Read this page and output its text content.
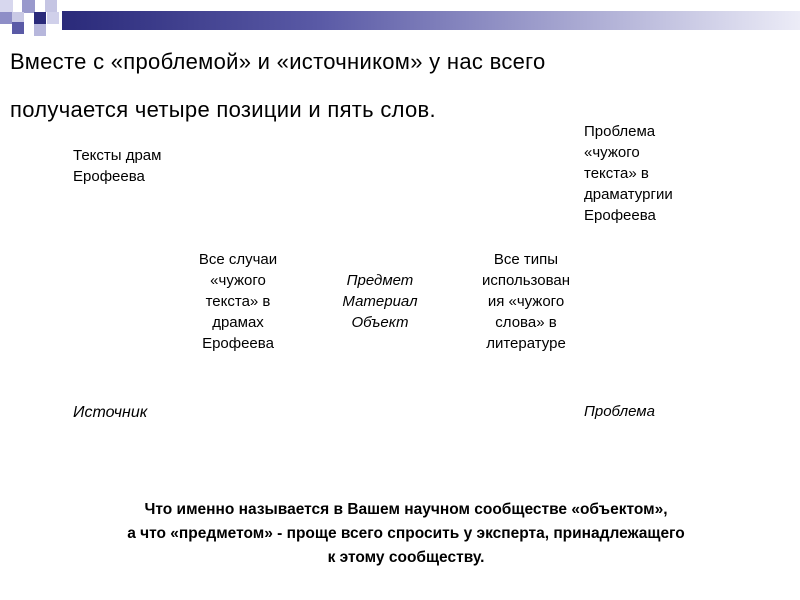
Вместе с «проблемой» и «источником» у нас всего
получается четыре позиции и пять слов.
Тексты драм
Ерофеева
Проблема
«чужого
текста» в
драматургии
Ерофеева
Все случаи
«чужого
текста» в
драмах
Ерофеева
Предмет
Материал
Объект
Все типы
использован
ия «чужого
слова» в
литературе
Источник	Проблема
Что именно называется в Вашем научном сообществе «объектом»,
а что «предметом» - проще всего спросить у эксперта, принадлежащего
к этому сообществу.
